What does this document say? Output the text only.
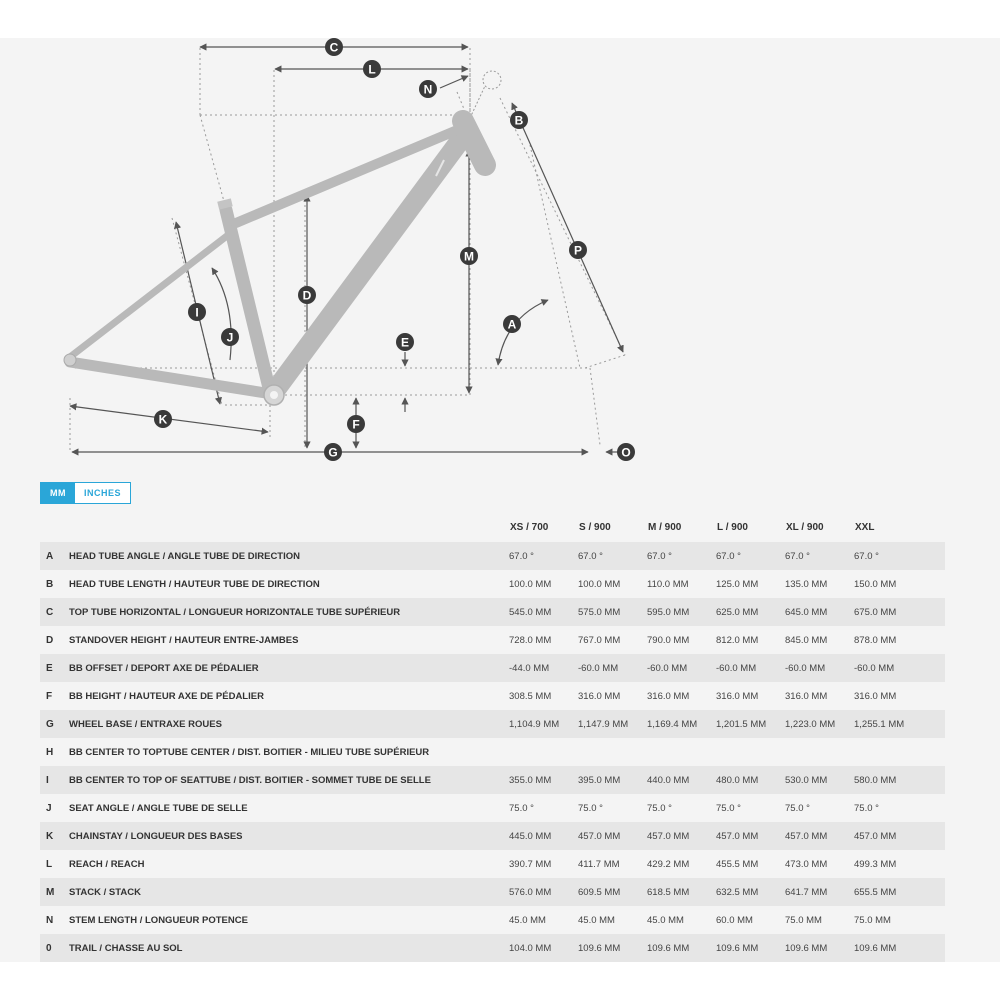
C
L
N
B
M	P
D
I
J
A
E
K	F
G	O
MM	INCHES
		XS / 700	S / 900	M / 900	L / 900	XL / 900	XXL
A	HEAD TUBE ANGLE / ANGLE TUBE DE DIRECTION	67.0 °	67.0 °	67.0 °	67.0 °	67.0 °	67.0 °
B	HEAD TUBE LENGTH / HAUTEUR TUBE DE DIRECTION	100.0 MM	100.0 MM	110.0 MM	125.0 MM	135.0 MM	150.0 MM
C	TOP TUBE HORIZONTAL / LONGUEUR HORIZONTALE TUBE SUPÉRIEUR	545.0 MM	575.0 MM	595.0 MM	625.0 MM	645.0 MM	675.0 MM
D	STANDOVER HEIGHT / HAUTEUR ENTRE-JAMBES	728.0 MM	767.0 MM	790.0 MM	812.0 MM	845.0 MM	878.0 MM
E	BB OFFSET / DEPORT AXE DE PÉDALIER	-44.0 MM	-60.0 MM	-60.0 MM	-60.0 MM	-60.0 MM	-60.0 MM
F	BB HEIGHT / HAUTEUR AXE DE PÉDALIER	308.5 MM	316.0 MM	316.0 MM	316.0 MM	316.0 MM	316.0 MM
G	WHEEL BASE / ENTRAXE ROUES	1,104.9 MM	1,147.9 MM	1,169.4 MM	1,201.5 MM	1,223.0 MM	1,255.1 MM
H	BB CENTER TO TOPTUBE CENTER / DIST. BOITIER - MILIEU TUBE SUPÉRIEUR						
I	BB CENTER TO TOP OF SEATTUBE / DIST. BOITIER - SOMMET TUBE DE SELLE	355.0 MM	395.0 MM	440.0 MM	480.0 MM	530.0 MM	580.0 MM
J	SEAT ANGLE / ANGLE TUBE DE SELLE	75.0 °	75.0 °	75.0 °	75.0 °	75.0 °	75.0 °
K	CHAINSTAY / LONGUEUR DES BASES	445.0 MM	457.0 MM	457.0 MM	457.0 MM	457.0 MM	457.0 MM
L	REACH / REACH	390.7 MM	411.7 MM	429.2 MM	455.5 MM	473.0 MM	499.3 MM
M	STACK / STACK	576.0 MM	609.5 MM	618.5 MM	632.5 MM	641.7 MM	655.5 MM
N	STEM LENGTH / LONGUEUR POTENCE	45.0 MM	45.0 MM	45.0 MM	60.0 MM	75.0 MM	75.0 MM
0	TRAIL / CHASSE AU SOL	104.0 MM	109.6 MM	109.6 MM	109.6 MM	109.6 MM	109.6 MM
